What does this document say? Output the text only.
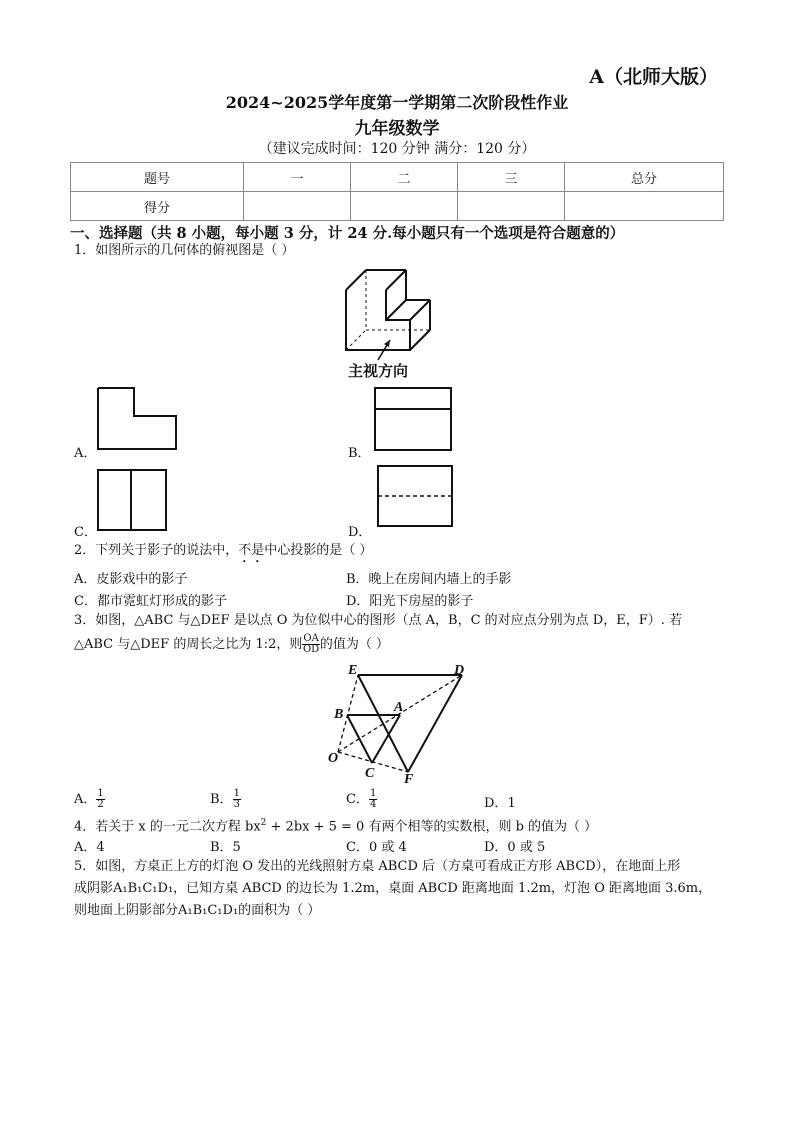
A（北师大版）
2024~2025学年度第一学期第二次阶段性作业
九年级数学
（建议完成时间：120 分钟 满分：120 分）
题号	一	二	三	总分
得分				
一、选择题（共 8 小题，每小题 3 分，计 24 分.每小题只有一个选项是符合题意的）
1．如图所示的几何体的俯视图是（ ）
主视方向
A．	B．
C．	D．
2．下列关于影子的说法中，不是中心投影的是（ ）
A．皮影戏中的影子	B．晚上在房间内墙上的手影
C．都市霓虹灯形成的影子	D．阳光下房屋的影子
3．如图，△ABC 与△DEF 是以点 O 为位似中心的图形（点 A，B，C 的对应点分别为点 D，E，F）. 若
△ABC 与△DEF 的周长之比为 1:2，则 $\frac{OA}{OD}$ 的值为（ ）
E	D
B	A
O
C F
A． $\frac{1}{2}$	B． $\frac{1}{3}$	C． $\frac{1}{4}$	D．1
4．若关于 x 的一元二次方程 $bx^2 + 2bx + 5 = 0$ 有两个相等的实数根，则 b 的值为（ ）
A．4	B．5	C．0 或 4	D．0 或 5
5．如图，方桌正上方的灯泡 O 发出的光线照射方桌 ABCD 后（方桌可看成正方形 ABCD），在地面上形
成阴影A₁B₁C₁D₁，已知方桌 ABCD 的边长为 1.2m，桌面 ABCD 距离地面 1.2m，灯泡 O 距离地面 3.6m，
则地面上阴影部分A₁B₁C₁D₁的面积为（ ）
